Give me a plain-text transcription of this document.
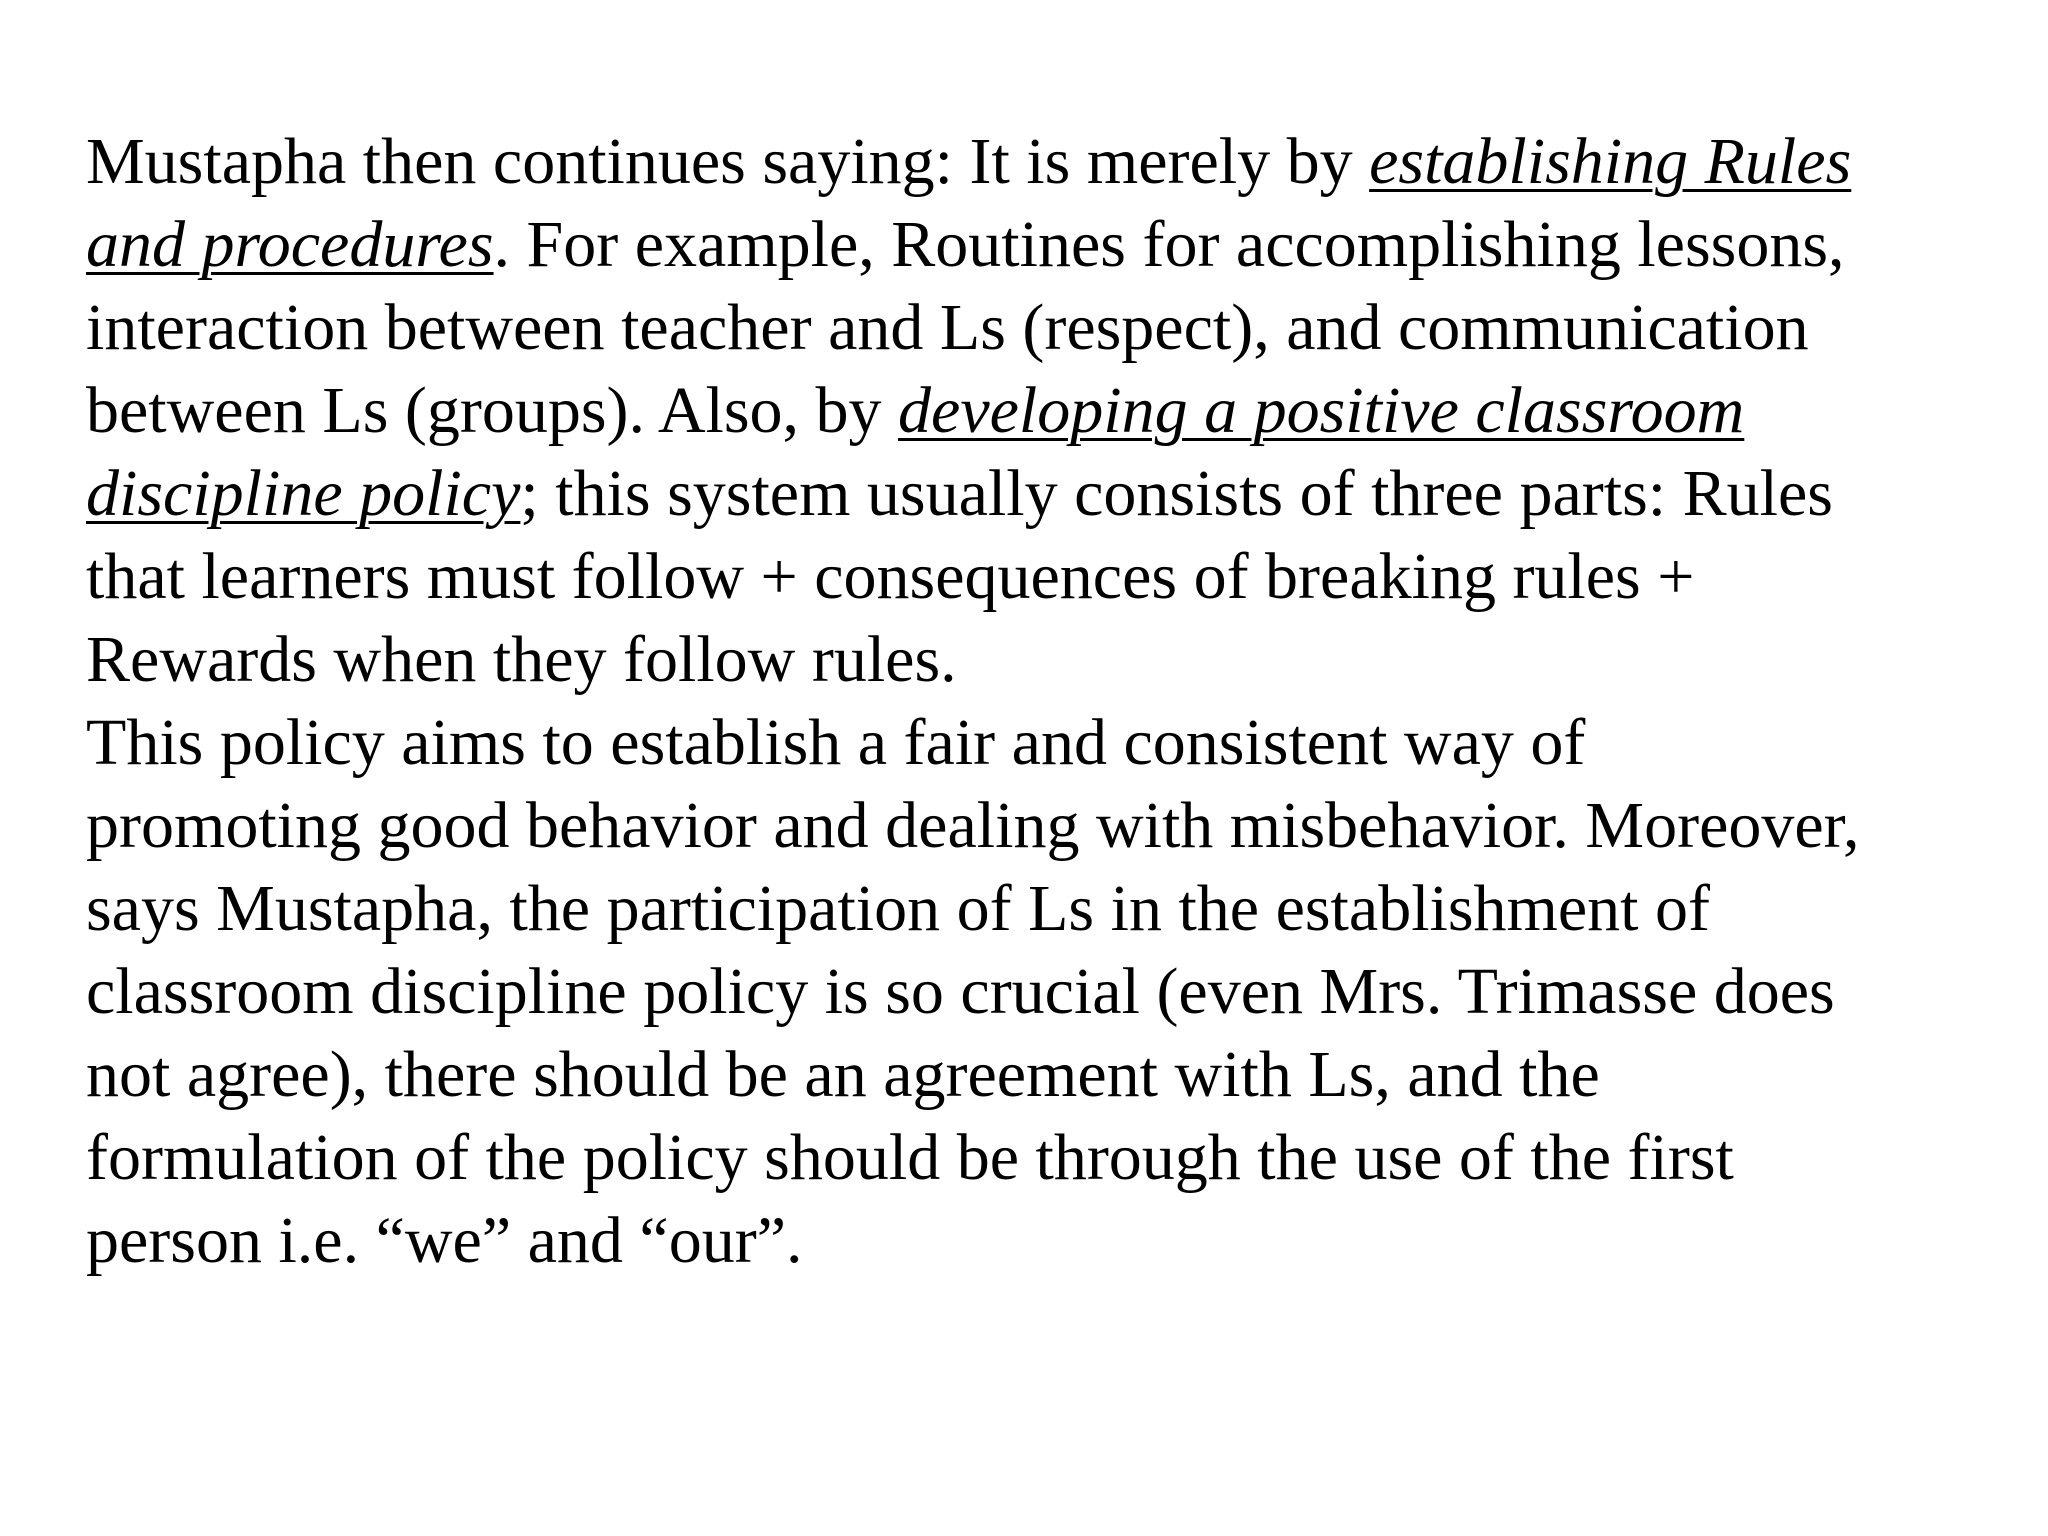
Mustapha then continues saying: It is merely by establishing Rules
and procedures. For example, Routines for accomplishing lessons,
interaction between teacher and Ls (respect), and communication
between Ls (groups). Also, by developing a positive classroom
discipline policy; this system usually consists of three parts: Rules
that learners must follow + consequences of breaking rules +
Rewards when they follow rules.
This policy aims to establish a fair and consistent way of
promoting good behavior and dealing with misbehavior. Moreover,
says Mustapha, the participation of Ls in the establishment of
classroom discipline policy is so crucial (even Mrs. Trimasse does
not agree), there should be an agreement with Ls, and the
formulation of the policy should be through the use of the first
person i.e. “we” and “our”.
